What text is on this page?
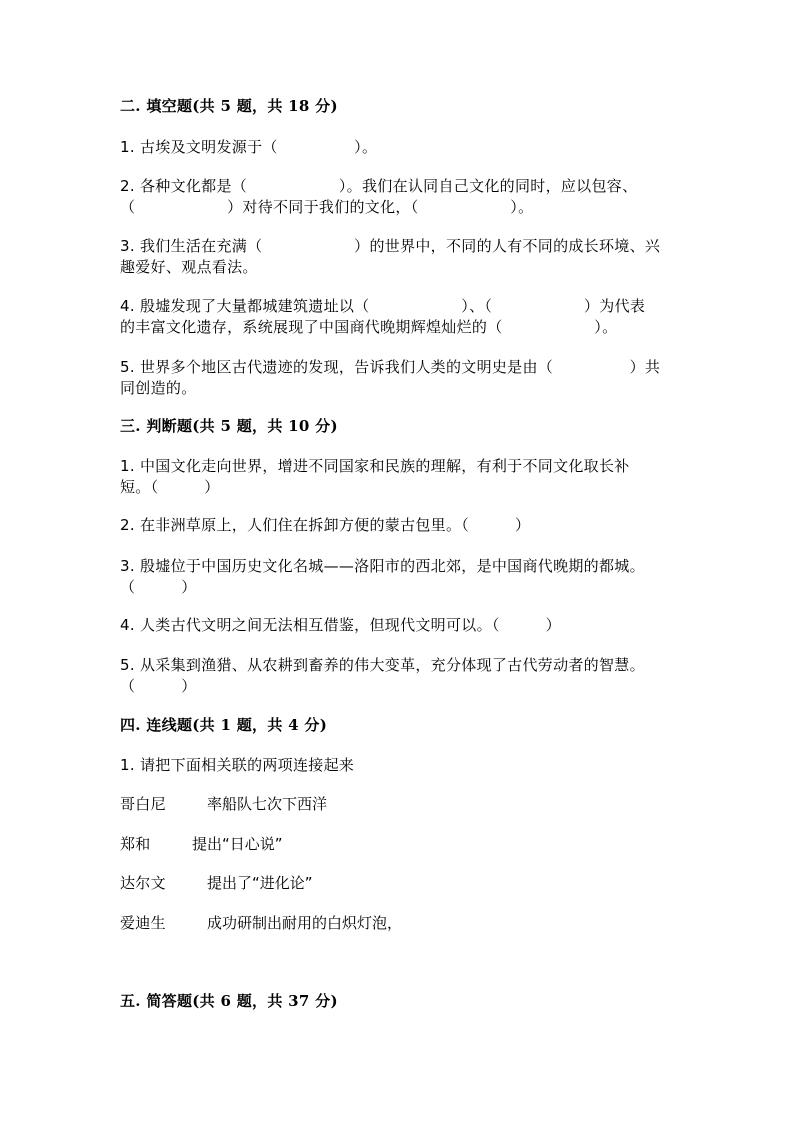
二. 填空题(共 5 题，共 18 分)
1. 古埃及文明发源于（　　　　　）。
2. 各种文化都是（　　　　　　）。我们在认同自己文化的同时，应以包容、
（　　　　　　）对待不同于我们的文化，（　　　　　　）。
3. 我们生活在充满（　　　　　　）的世界中，不同的人有不同的成长环境、兴
趣爱好、观点看法。
4. 殷墟发现了大量都城建筑遗址以（　　　　　　）、（　　　　　　）为代表
的丰富文化遗存，系统展现了中国商代晚期辉煌灿烂的（　　　　　　）。
5. 世界多个地区古代遗迹的发现，告诉我们人类的文明史是由（　　　　　）共
同创造的。
三. 判断题(共 5 题，共 10 分)
1. 中国文化走向世界，增进不同国家和民族的理解，有利于不同文化取长补
短。（　　　）
2. 在非洲草原上，人们住在拆卸方便的蒙古包里。（　　　）
3. 殷墟位于中国历史文化名城——洛阳市的西北郊，是中国商代晚期的都城。
（　　　）
4. 人类古代文明之间无法相互借鉴，但现代文明可以。（　　　）
5. 从采集到渔猎、从农耕到畜养的伟大变革，充分体现了古代劳动者的智慧。
（　　　）
四. 连线题(共 1 题，共 4 分)
1. 请把下面相关联的两项连接起来
哥白尼	率船队七次下西洋
郑和	提出“日心说”
达尔文	提出了“进化论”
爱迪生	成功研制出耐用的白炽灯泡，
五. 简答题(共 6 题，共 37 分)
